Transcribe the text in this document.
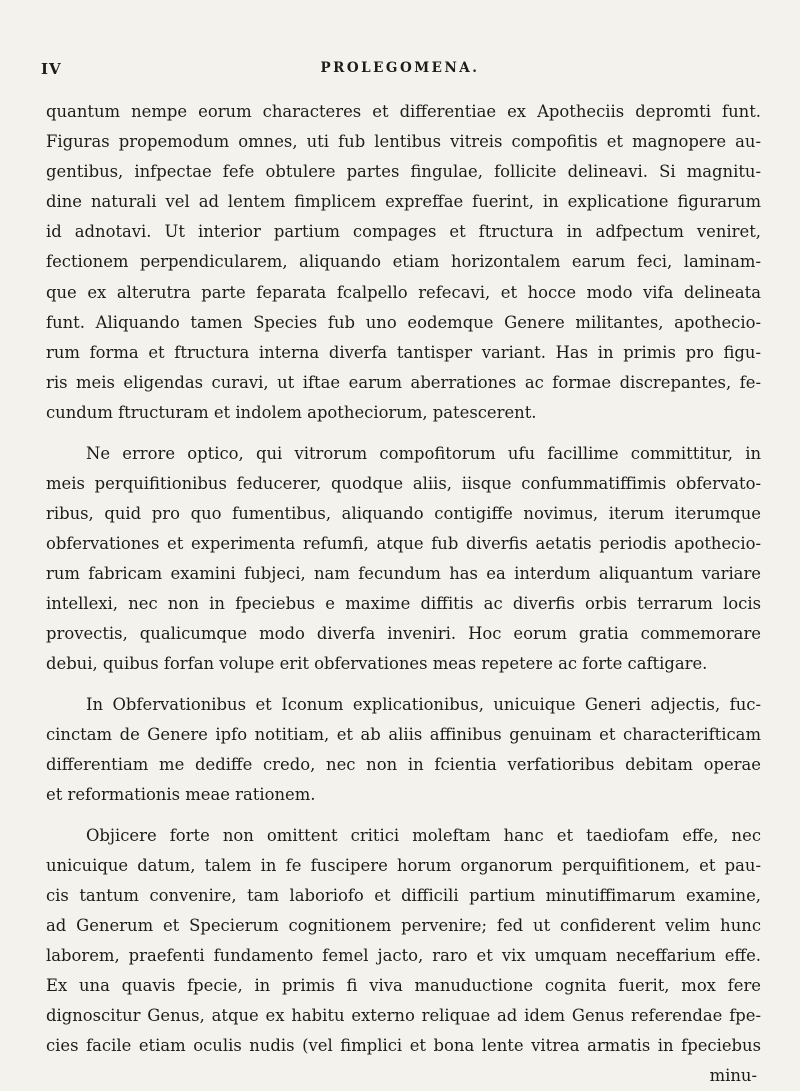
IV	PROLEGOMENA.
quantum nempe eorum characteres et differentiae ex Apotheciis depromti funt.
Figuras propemodum omnes, uti fub lentibus vitreis compofitis et magnopere au-
gentibus, infpectae fefe obtulere partes fingulae, follicite delineavi. Si magnitu-
dine naturali vel ad lentem fimplicem expreffae fuerint, in explicatione figurarum
id adnotavi. Ut interior partium compages et ftructura in adfpectum veniret,
fectionem perpendicularem, aliquando etiam horizontalem earum feci, laminam-
que ex alterutra parte feparata fcalpello refecavi, et hocce modo vifa delineata
funt. Aliquando tamen Species fub uno eodemque Genere militantes, apothecio-
rum forma et ftructura interna diverfa tantisper variant. Has in primis pro figu-
ris meis eligendas curavi, ut iftae earum aberrationes ac formae discrepantes, fe-
cundum ftructuram et indolem apotheciorum, patescerent.
Ne errore optico, qui vitrorum compofitorum ufu facillime committitur, in
meis perquifitionibus feducerer, quodque aliis, iisque confummatiffimis obfervato-
ribus, quid pro quo fumentibus, aliquando contigiffe novimus, iterum iterumque
obfervationes et experimenta refumfi, atque fub diverfis aetatis periodis apothecio-
rum fabricam examini fubjeci, nam fecundum has ea interdum aliquantum variare
intellexi, nec non in fpeciebus e maxime diffitis ac diverfis orbis terrarum locis
provectis, qualicumque modo diverfa inveniri. Hoc eorum gratia commemorare
debui, quibus forfan volupe erit obfervationes meas repetere ac forte caftigare.
In Obfervationibus et Iconum explicationibus, unicuique Generi adjectis, fuc-
cinctam de Genere ipfo notitiam, et ab aliis affinibus genuinam et characterifticam
differentiam me dediffe credo, nec non in fcientia verfatioribus debitam operae
et reformationis meae rationem.
Objicere forte non omittent critici moleftam hanc et taediofam effe, nec
unicuique datum, talem in fe fuscipere horum organorum perquifitionem, et pau-
cis tantum convenire, tam laboriofo et difficili partium minutiffimarum examine,
ad Generum et Specierum cognitionem pervenire; fed ut confiderent velim hunc
laborem, praefenti fundamento femel jacto, raro et vix umquam neceffarium effe.
Ex una quavis fpecie, in primis fi viva manuductione cognita fuerit, mox fere
dignoscitur Genus, atque ex habitu externo reliquae ad idem Genus referendae fpe-
cies facile etiam oculis nudis (vel fimplici et bona lente vitrea armatis in fpeciebus
minu-
